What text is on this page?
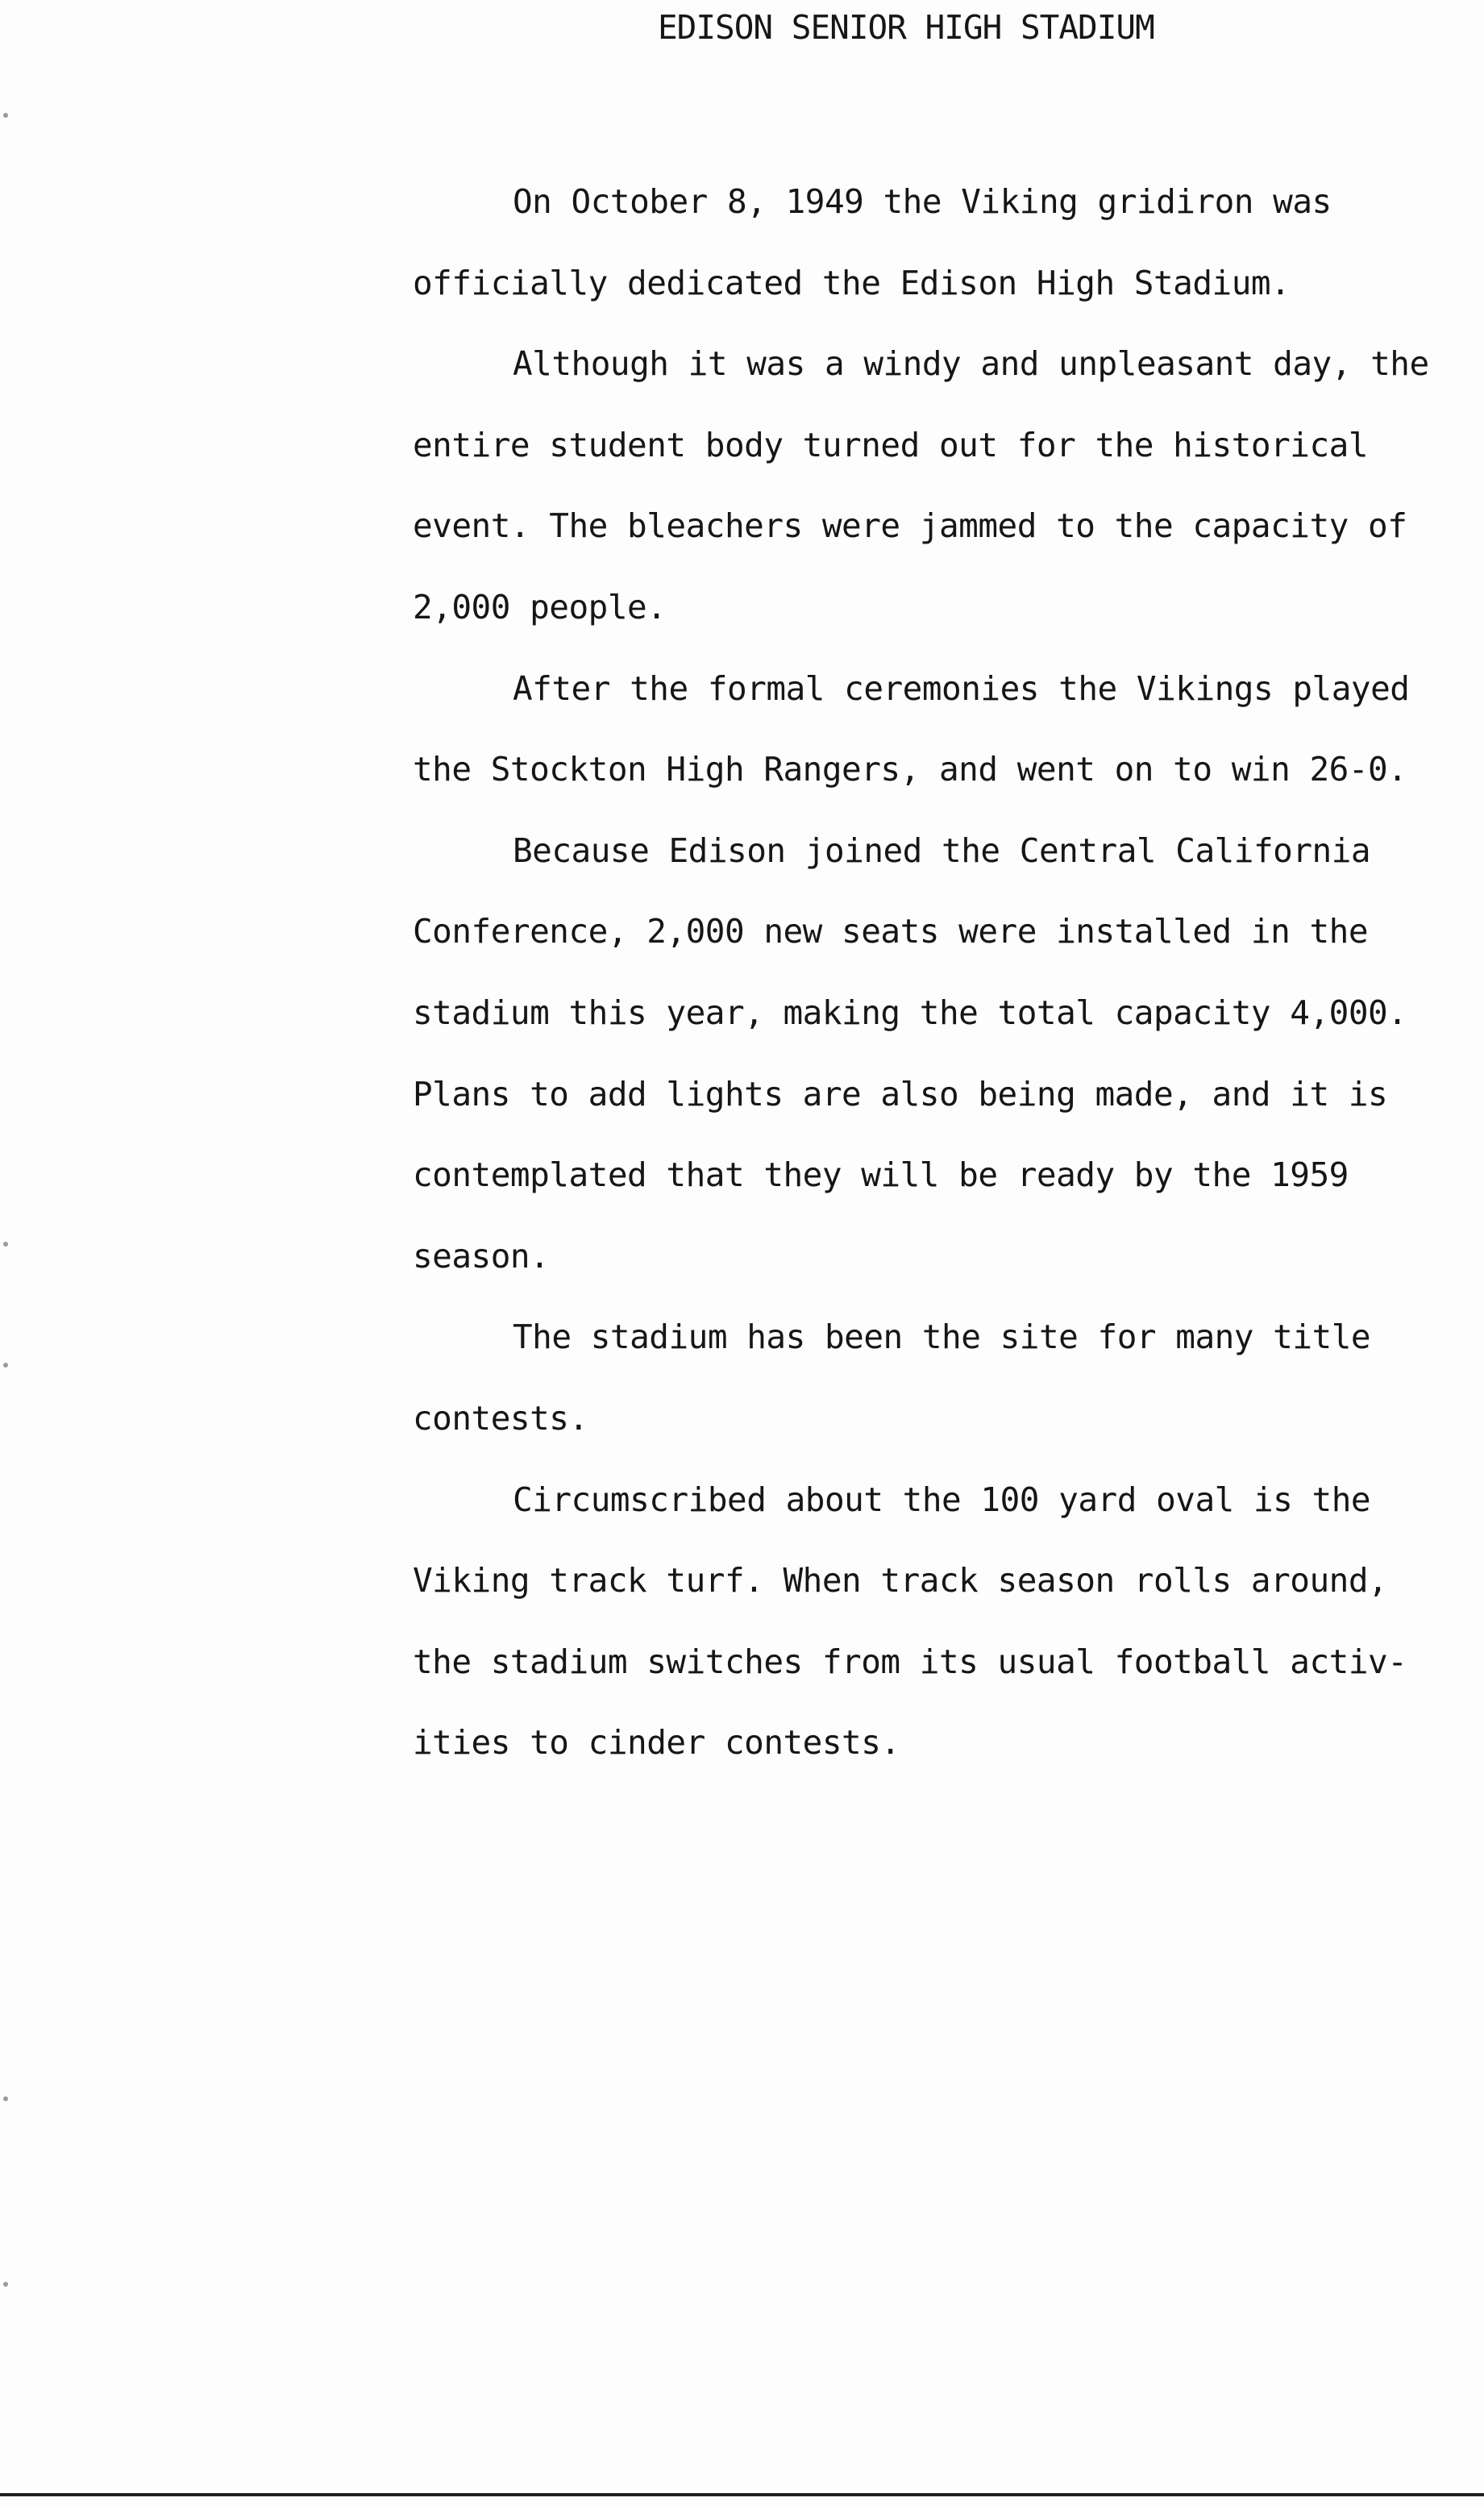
EDISON SENIOR HIGH STADIUM
On October 8, 1949 the Viking gridiron was
officially dedicated the Edison High Stadium.
Although it was a windy and unpleasant day, the
entire student body turned out for the historical
event. The bleachers were jammed to the capacity of
2,000 people.
After the formal ceremonies the Vikings played
the Stockton High Rangers, and went on to win 26-0.
Because Edison joined the Central California
Conference, 2,000 new seats were installed in the
stadium this year, making the total capacity 4,000.
Plans to add lights are also being made, and it is
contemplated that they will be ready by the 1959
season.
The stadium has been the site for many title
contests.
Circumscribed about the 100 yard oval is the
Viking track turf. When track season rolls around,
the stadium switches from its usual football activ-
ities to cinder contests.
